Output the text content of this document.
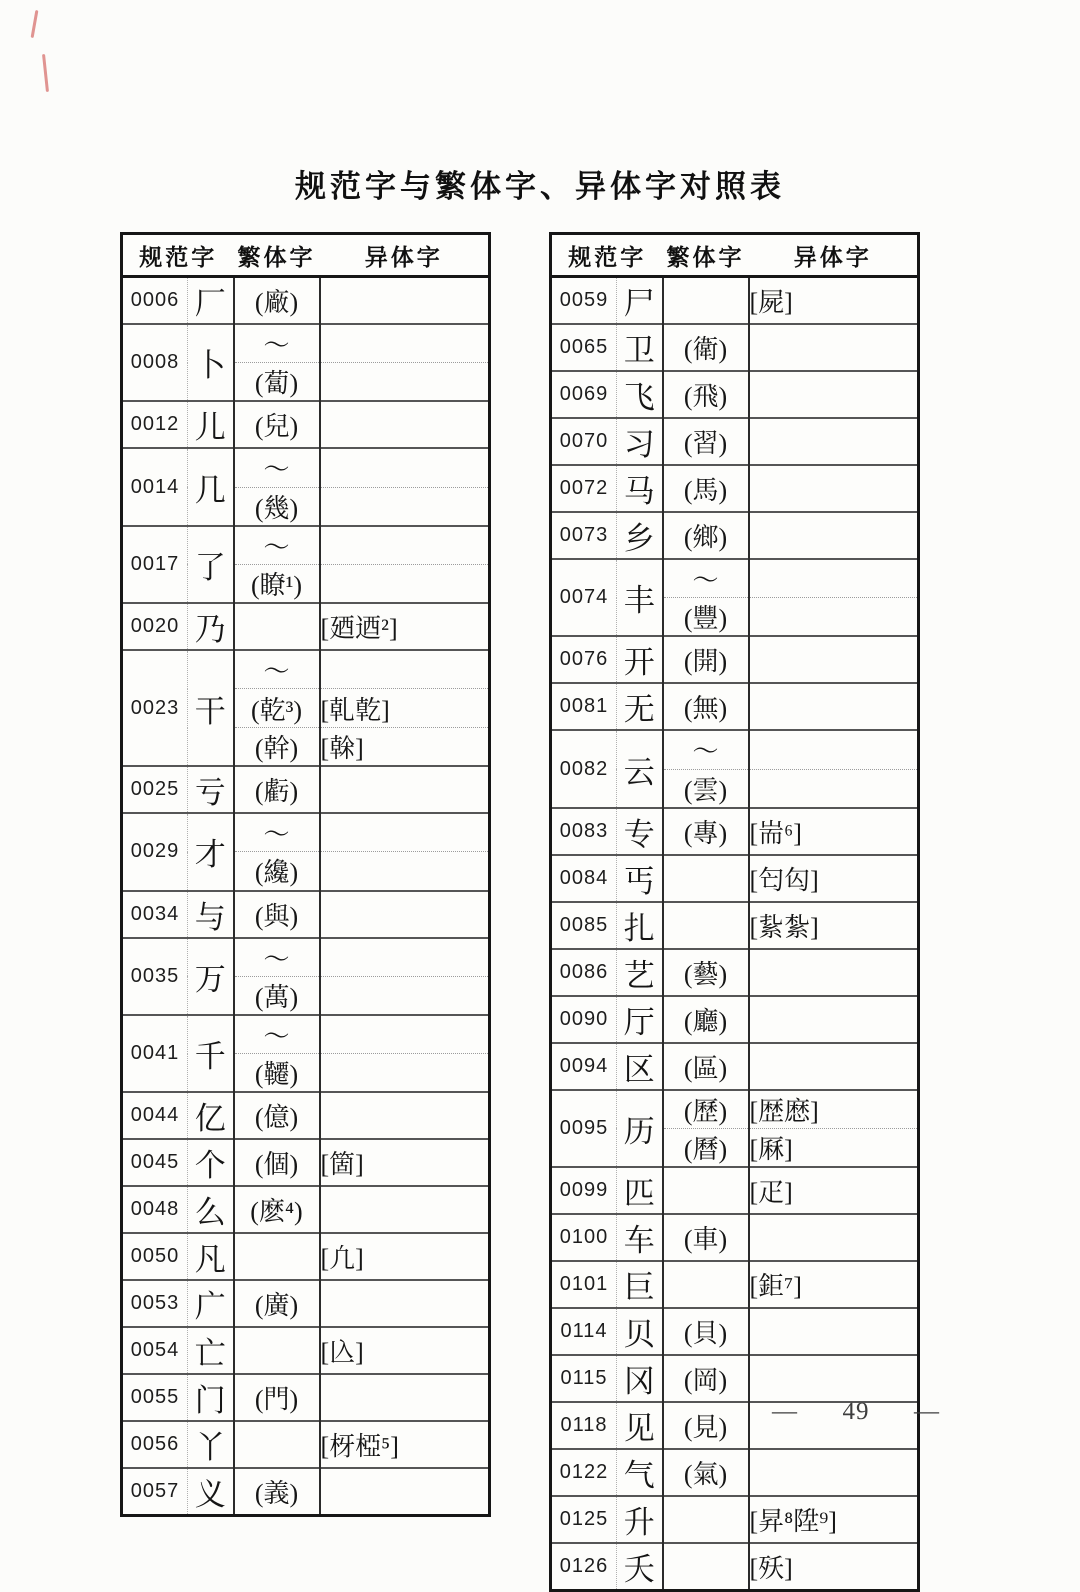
规范字与繁体字、异体字对照表
规范字		繁体字	异体字
0006	厂	(廠)	
0008	卜	～	
		(蔔)	
0012	儿	(兒)	
0014	几	～	
		(幾)	
0017	了	～	
		(瞭¹)	
0020	乃		[廼迺²]
0023	干	～	
		(乾³)	[乹亁]
		(幹)	[榦]
0025	亏	(虧)	
0029	才	～	
		(纔)	
0034	与	(與)	
0035	万	～	
		(萬)	
0041	千	～	
		(韆)	
0044	亿	(億)	
0045	个	(個)	[箇]
0048	么	(麽⁴)	
0050	凡		[凢]
0053	广	(廣)	
0054	亡		[兦]
0055	门	(門)	
0056	丫		[枒椏⁵]
0057	义	(義)	
规范字		繁体字	异体字
0059	尸		[屍]
0065	卫	(衛)	
0069	飞	(飛)	
0070	习	(習)	
0072	马	(馬)	
0073	乡	(鄉)	
0074	丰	～	
		(豐)	
0076	开	(開)	
0081	无	(無)	
0082	云	～	
		(雲)	
0083	专	(專)	[耑⁶]
0084	丐		[匄匃]
0085	扎		[紥紮]
0086	艺	(藝)	
0090	厅	(廳)	
0094	区	(區)	
0095	历	(歷)	[歴㦄]
		(曆)	[厤]
0099	匹		[疋]
0100	车	(車)	
0101	巨		[鉅⁷]
0114	贝	(貝)	
0115	冈	(岡)	
0118	见	(見)	
0122	气	(氣)	
0125	升		[昇⁸陞⁹]
0126	夭		[殀]
— 49 —
